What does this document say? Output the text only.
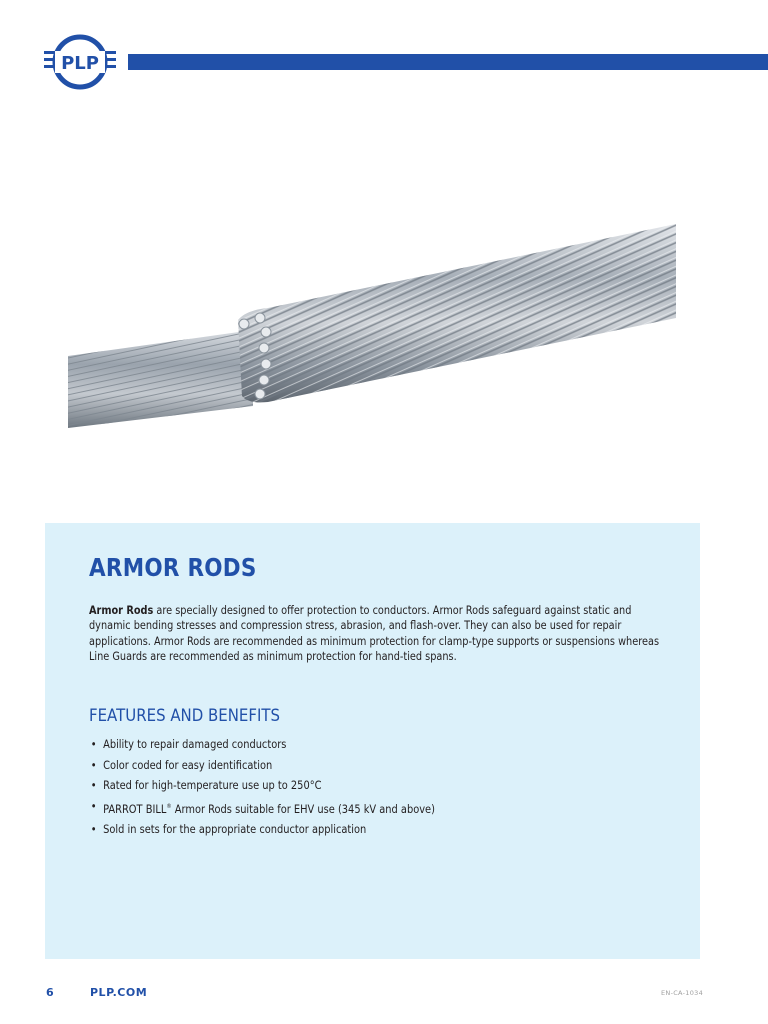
PLP
ARMOR RODS

Armor Rods are specially designed to offer protection to conductors. Armor Rods safeguard against static and dynamic bending stresses and compression stress, abrasion, and flash-over. They can also be used for repair applications. Armor Rods are recommended as minimum protection for clamp-type supports or suspensions whereas Line Guards are recommended as minimum protection for hand-tied spans.

FEATURES AND BENEFITS
• Ability to repair damaged conductors
• Color coded for easy identification
• Rated for high-temperature use up to 250°C
• PARROT BILL® Armor Rods suitable for EHV use (345 kV and above)
• Sold in sets for the appropriate conductor application
6	PLP.COM	EN-CA-1034
